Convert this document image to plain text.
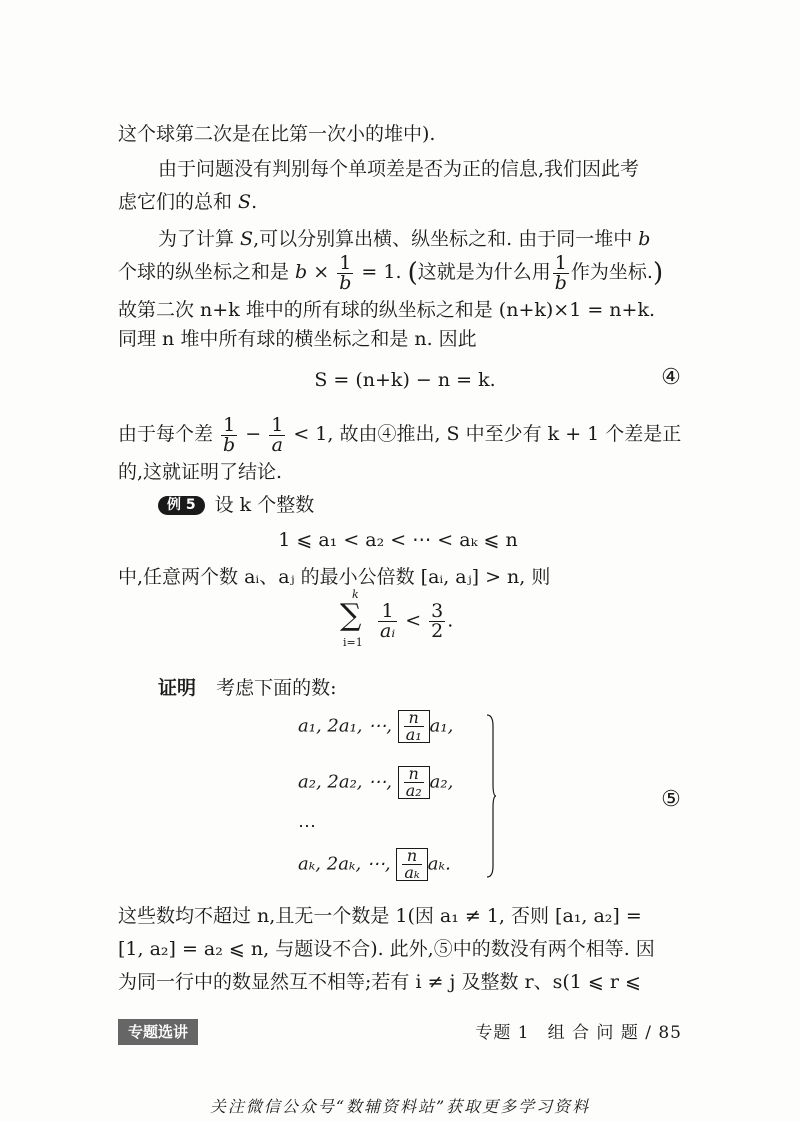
这个球第二次是在比第一次小的堆中).
由于问题没有判别每个单项差是否为正的信息,我们因此考
虑它们的总和 S.
为了计算 S,可以分别算出横、纵坐标之和. 由于同一堆中 b
个球的纵坐标之和是 $b \times \frac{1}{b} = 1$. (这就是为什么用 $\frac{1}{b}$ 作为坐标.)
故第二次 n+k 堆中的所有球的纵坐标之和是 (n+k)×1 = n+k.
同理 n 堆中所有球的横坐标之和是 n. 因此
S = (n+k) − n = k.	④
由于每个差 $\frac{1}{b} - \frac{1}{a} < 1$, 故由④推出, S 中至少有 k + 1 个差是正
的,这就证明了结论.
例 5 设 k 个整数
1 ⩽ a₁ < a₂ < ⋯ < aₖ ⩽ n
中,任意两个数 aᵢ、aⱼ 的最小公倍数 [aᵢ, aⱼ] > n, 则
k
∑
i=1
$\frac{1}{\text{aᵢ}} < \frac{3}{2}$ .
证明 考虑下面的数:
a₁, 2a₁, ⋯, $\frac{n}{\text{a₁}} a_1$,
a₂, 2a₂, ⋯, $\frac{n}{\text{a₂}} a_2$,
⋯
aₖ, 2aₖ, ⋯, $\frac{n}{\text{aₖ}} a_k$.
⑤
这些数均不超过 n,且无一个数是 1(因 a₁ ≠ 1, 否则 [a₁, a₂] =
[1, a₂] = a₂ ⩽ n, 与题设不合). 此外,⑤中的数没有两个相等. 因
为同一行中的数显然互不相等;若有 i ≠ j 及整数 r、s(1 ⩽ r ⩽
专题选讲	专题 1　组 合 问 题 / 85
关注微信公众号“数辅资料站”获取更多学习资料
